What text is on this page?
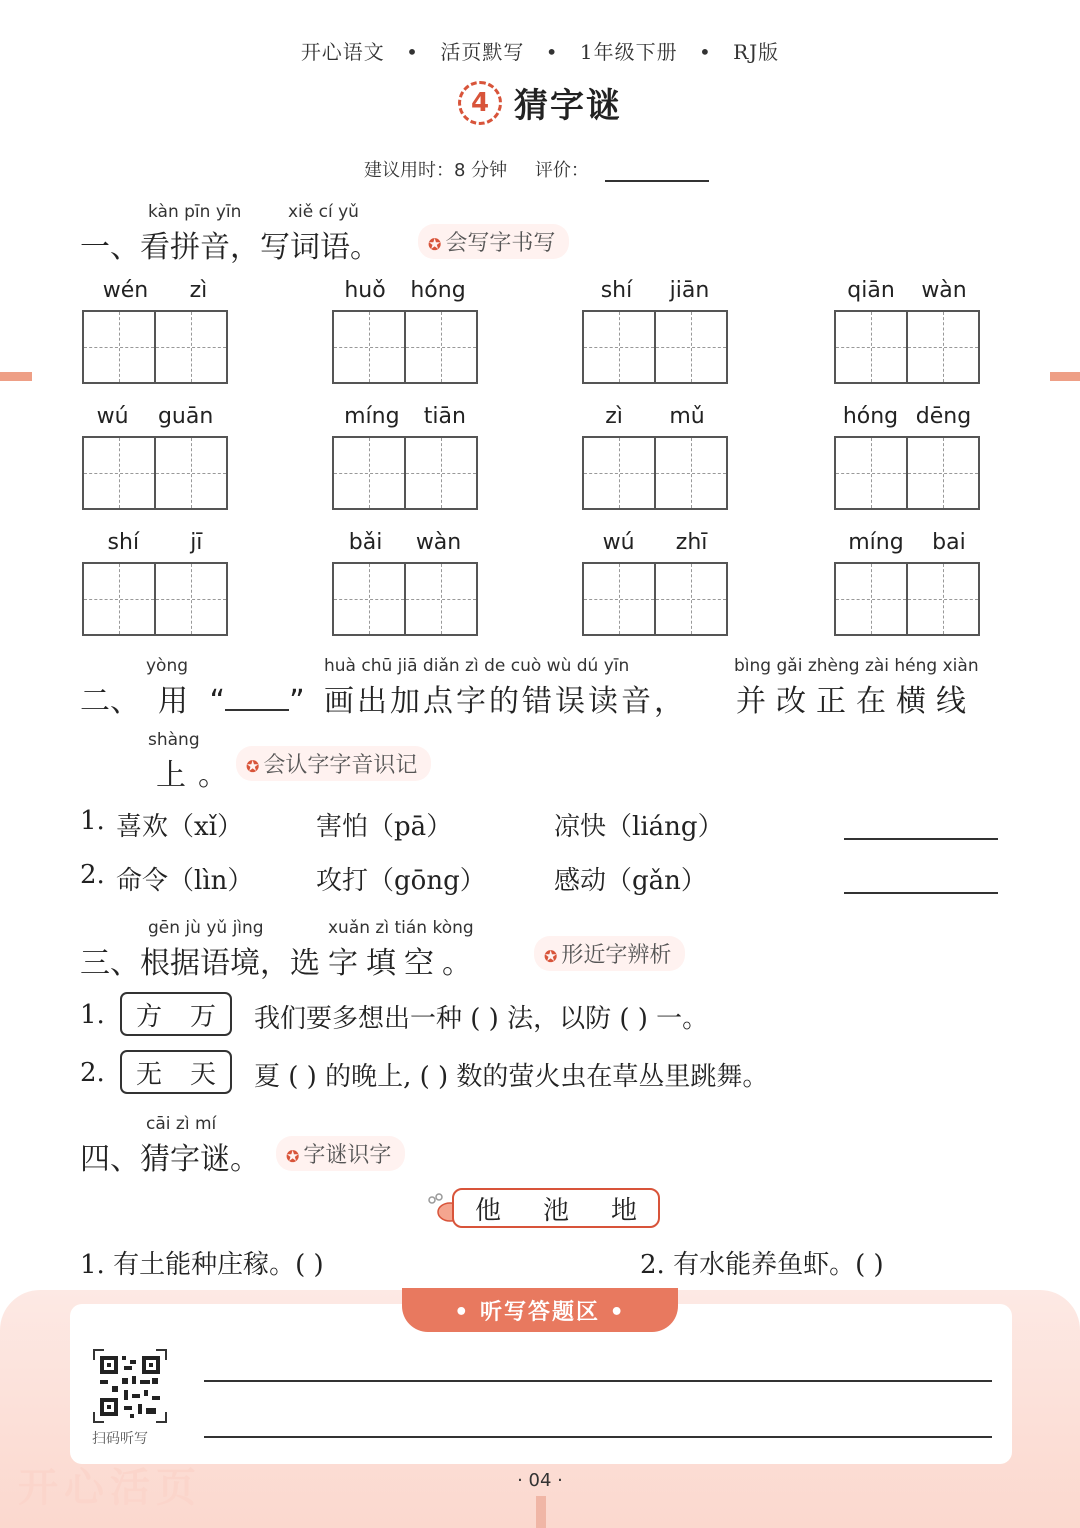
开心语文 • 活页默写 • 1年级下册 • RJ版
4 猜字谜
建议用时：8 分钟 评价：
kàn pīn yīn	xiě cí yǔ
一、看拼音，写词语。	✪ 会写字书写
wén zì	huǒ hóng	shí jiān	qiān wàn
wú guān	míng tiān	zì mǔ	hóng dēng
shí jī	bǎi wàn	wú zhī	míng bai
yòng	huà chū jiā diǎn zì de cuò wù dú yīn	bìng gǎi zhèng zài héng xiàn
二、 用 “ ” 画出加点字的错误读音， 并改正在横线
shàng
上 。	✪ 会认字字音识记
1. 喜欢（xǐ）	害怕（pā）	凉快（liáng）
2. 命令（lìn） 攻打（gōng）	感动（gǎn）
gēn jù yǔ jìng	xuǎn zì tián kòng
三、根据语境，选字填空。	✪ 形近字辨析
1. 方 万 我们要多想出一种 ( ) 法，以防 ( ) 一。
2. 无 天 夏 ( ) 的晚上, ( ) 数的萤火虫在草丛里跳舞。
cāi zì mí
四、猜字谜。	✪ 字谜识字
他 池 地
1. 有土能种庄稼。( )	2. 有水能养鱼虾。( )
• 听写答题区 •
扫码听写
开心活页	· 04 ·
